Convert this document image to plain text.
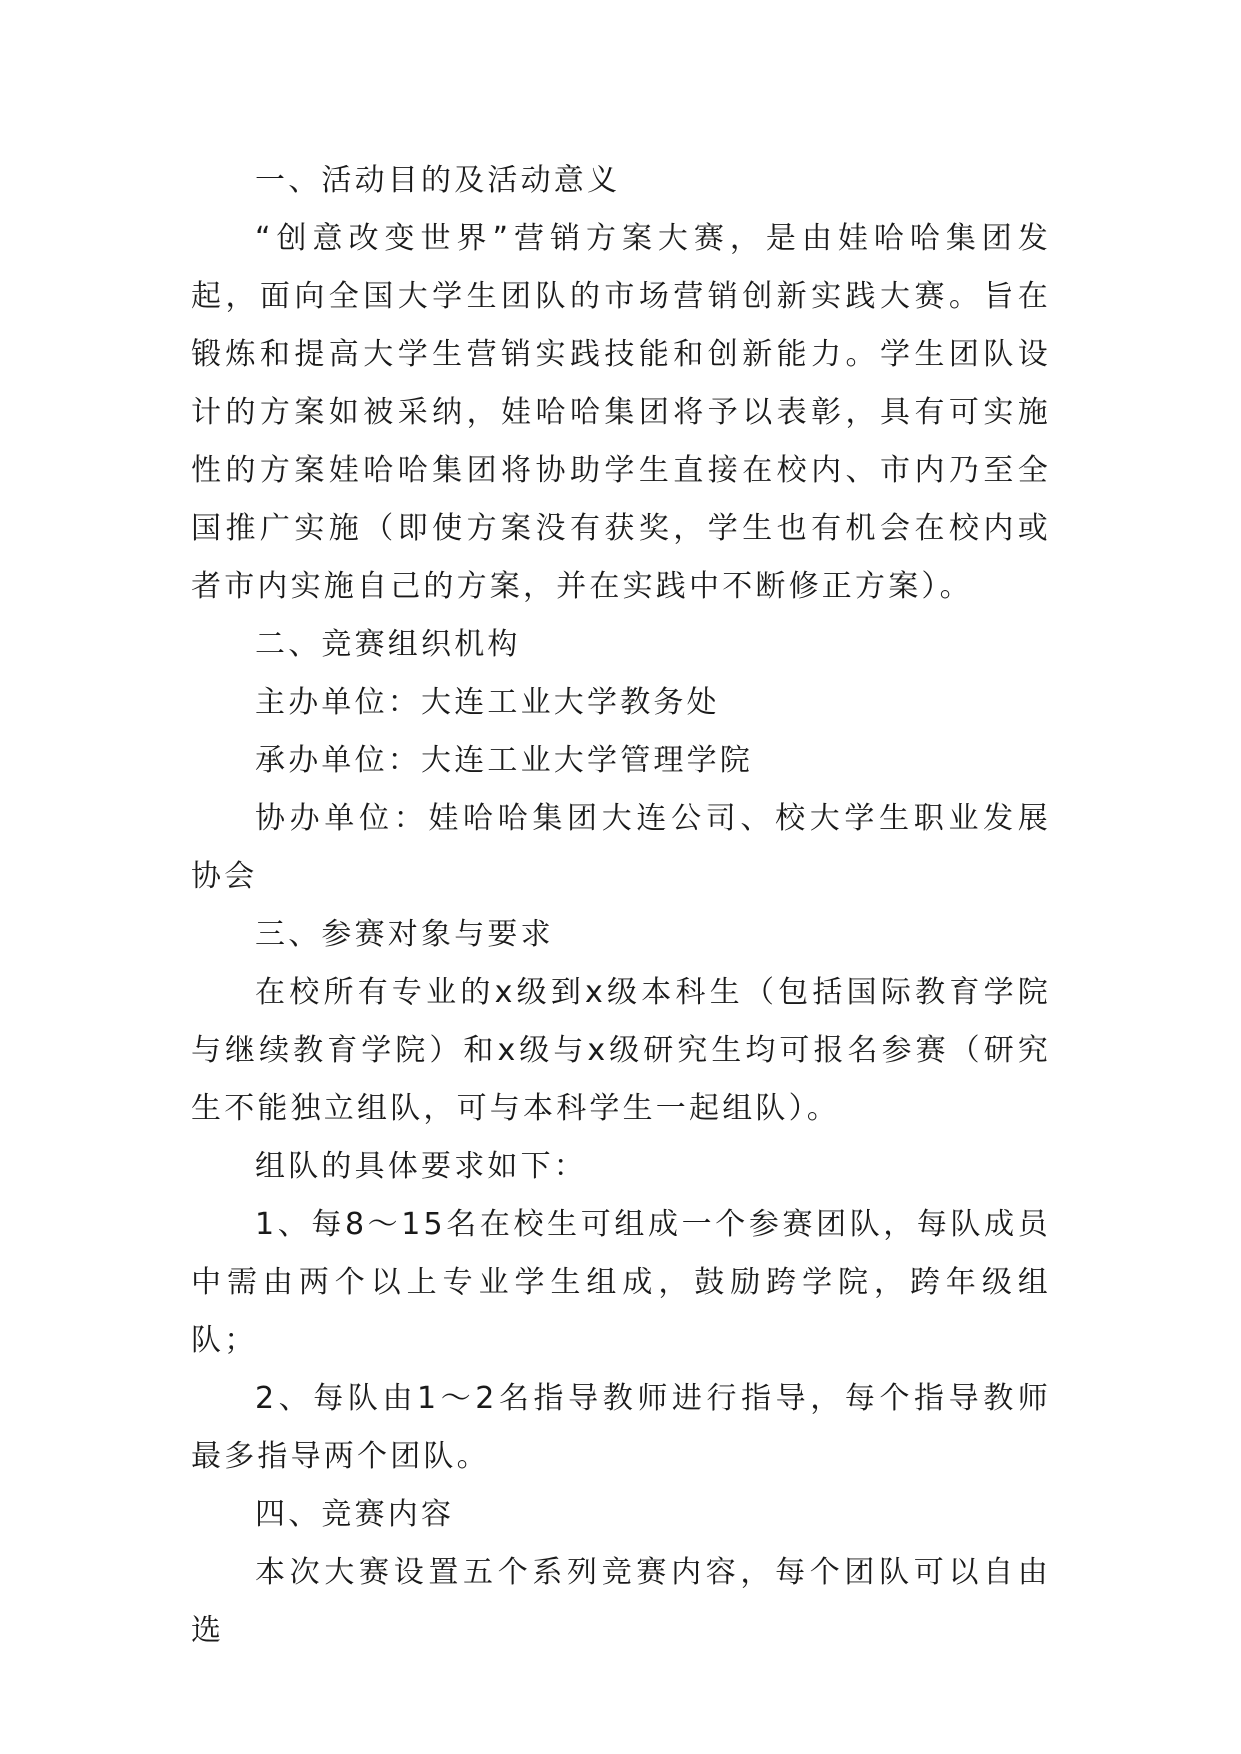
一、活动目的及活动意义

“创意改变世界”营销方案大赛，是由娃哈哈集团发起，面向全国大学生团队的市场营销创新实践大赛。旨在锻炼和提高大学生营销实践技能和创新能力。学生团队设计的方案如被采纳，娃哈哈集团将予以表彰，具有可实施性的方案娃哈哈集团将协助学生直接在校内、市内乃至全国推广实施（即使方案没有获奖，学生也有机会在校内或者市内实施自己的方案，并在实践中不断修正方案）。

二、竞赛组织机构

主办单位：大连工业大学教务处

承办单位：大连工业大学管理学院

协办单位：娃哈哈集团大连公司、校大学生职业发展协会

三、参赛对象与要求

在校所有专业的x级到x级本科生（包括国际教育学院与继续教育学院）和x级与x级研究生均可报名参赛（研究生不能独立组队，可与本科学生一起组队）。

组队的具体要求如下：

1、每8～15名在校生可组成一个参赛团队，每队成员中需由两个以上专业学生组成，鼓励跨学院，跨年级组队；

2、每队由1～2名指导教师进行指导，每个指导教师最多指导两个团队。

四、竞赛内容

本次大赛设置五个系列竞赛内容，每个团队可以自由选
